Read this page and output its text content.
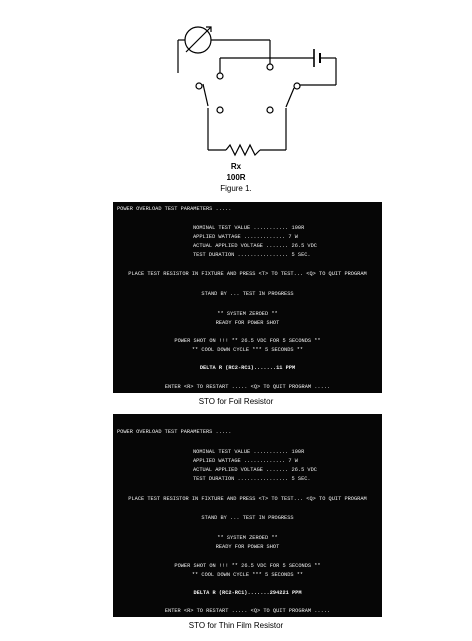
Rx
100R
Figure 1.
POWER OVERLOAD TEST PARAMETERS .....
NOMINAL TEST VALUE ........... 100R
APPLIED WATTAGE ............. 7 W
ACTUAL APPLIED VOLTAGE ....... 26.5 VDC
TEST DURATION ................ 5 SEC.
PLACE TEST RESISTOR IN FIXTURE AND PRESS <T> TO TEST... <Q> TO QUIT PROGRAM
STAND BY ... TEST IN PROGRESS
** SYSTEM ZEROED **
READY FOR POWER SHOT
POWER SHOT ON !!! ** 26.5 VDC FOR 5 SECONDS **
** COOL DOWN CYCLE *** 5 SECONDS **
DELTA R (RC2-RC1).......11 PPM
ENTER <R> TO RESTART ..... <Q> TO QUIT PROGRAM .....
STO for Foil Resistor
POWER OVERLOAD TEST PARAMETERS .....
NOMINAL TEST VALUE ........... 100R
APPLIED WATTAGE ............. 7 W
ACTUAL APPLIED VOLTAGE ....... 26.5 VDC
TEST DURATION ................ 5 SEC.
PLACE TEST RESISTOR IN FIXTURE AND PRESS <T> TO TEST... <Q> TO QUIT PROGRAM
STAND BY ... TEST IN PROGRESS
** SYSTEM ZEROED **
READY FOR POWER SHOT
POWER SHOT ON !!! ** 26.5 VDC FOR 5 SECONDS **
** COOL DOWN CYCLE *** 5 SECONDS **
DELTA R (RC2-RC1).......294221 PPM
ENTER <R> TO RESTART ..... <Q> TO QUIT PROGRAM .....
STO for Thin Film Resistor
